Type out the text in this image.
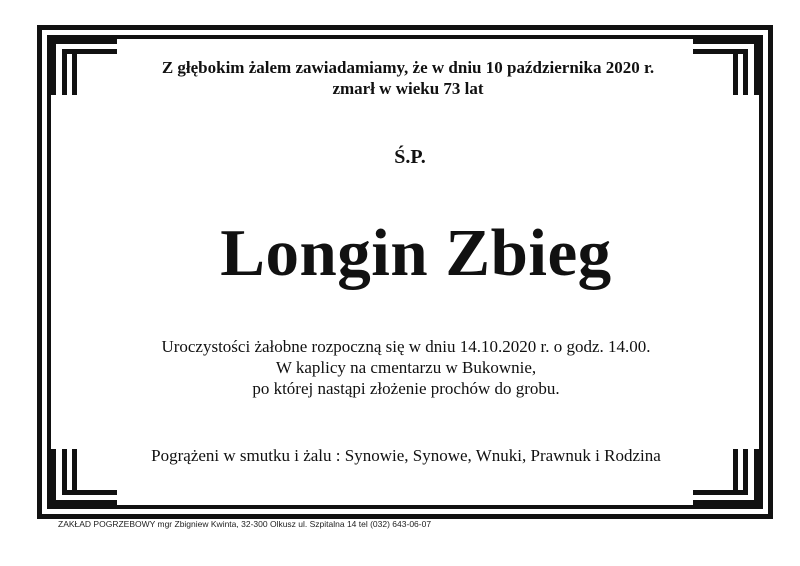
Z głębokim żalem zawiadamiamy, że w dniu 10 października 2020 r.
zmarł w wieku 73 lat
Ś.P.
Longin Zbieg
Uroczystości żałobne rozpoczną się w dniu 14.10.2020 r. o godz. 14.00.
W kaplicy na cmentarzu w Bukownie,
po której nastąpi złożenie prochów do grobu.
Pogrążeni w smutku i żalu : Synowie, Synowe, Wnuki, Prawnuk i Rodzina
ZAKŁAD POGRZEBOWY mgr Zbigniew Kwinta, 32-300 Olkusz ul. Szpitalna 14 tel (032) 643-06-07
